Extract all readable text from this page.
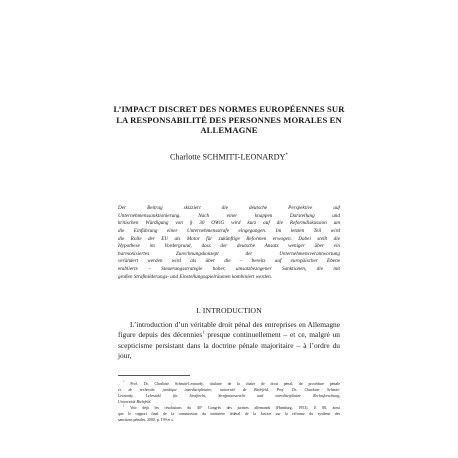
L’IMPACT DISCRET DES NORMES EUROPÉENNES SUR
LA RESPONSABILITÉ DES PERSONNES MORALES EN
ALLEMAGNE
Charlotte SCHMITT-LEONARDY*
Der Beitrag skizziert die deutsche Perspektive auf
Unternehmenssanktionierung. Nach einer knappen Darstellung und
kritischen Würdigung von § 30 OWiG wird kurz auf die Reformdiskussion um
die Einführung einer Unternehmensstrafe eingegangen. Im letzten Teil wird
die Rolle der EU als Motor für zukünftige Reformen erwogen. Dabei stellt die
Hypothese im Vordergrund, dass der deutsche Ansatz weniger über ein
harmonisiertes Zurechnungskonzept der Unternehmensverantwortung
verändert werden wird als über die – bereits auf europäischer Ebene
etablierte – Steuerungsstrategie hoher, umsatzbezogener Sanktionen, die mit
großen Strafmilderungs- und Einstellungsspielräumen kombiniert werden.
I. INTRODUCTION
L’introduction d’un véritable droit pénal des entreprises en Allemagne
figure depuis des décennies$^1$ presque continuellement – et ce, malgré un
scepticisme persistant dans la doctrine pénale majoritaire – à l’ordre du jour,
* Prof. Dr. Charlotte Schmitt-Leonardy, titulaire de la chaire de droit pénal, de procédure pénale
et de recherche juridique interdisciplinaire, université de Bielefeld. Prof. Dr. Charlotte Schmitt-
Leonardy, Lehrstuhl für Strafrecht, Strafprozessrecht und interdisziplinäre Rechtsforschung,
Universität Bielefeld.
$^1$ Voir déjà les résolutions du 40° Congrès des juristes allemands (Hamburg, 1953), E 88, ainsi
que le rapport final de la commission du ministère fédéral de la Justice sur la réforme du système des
sanctions pénales, 2000, p. 199 et s.
